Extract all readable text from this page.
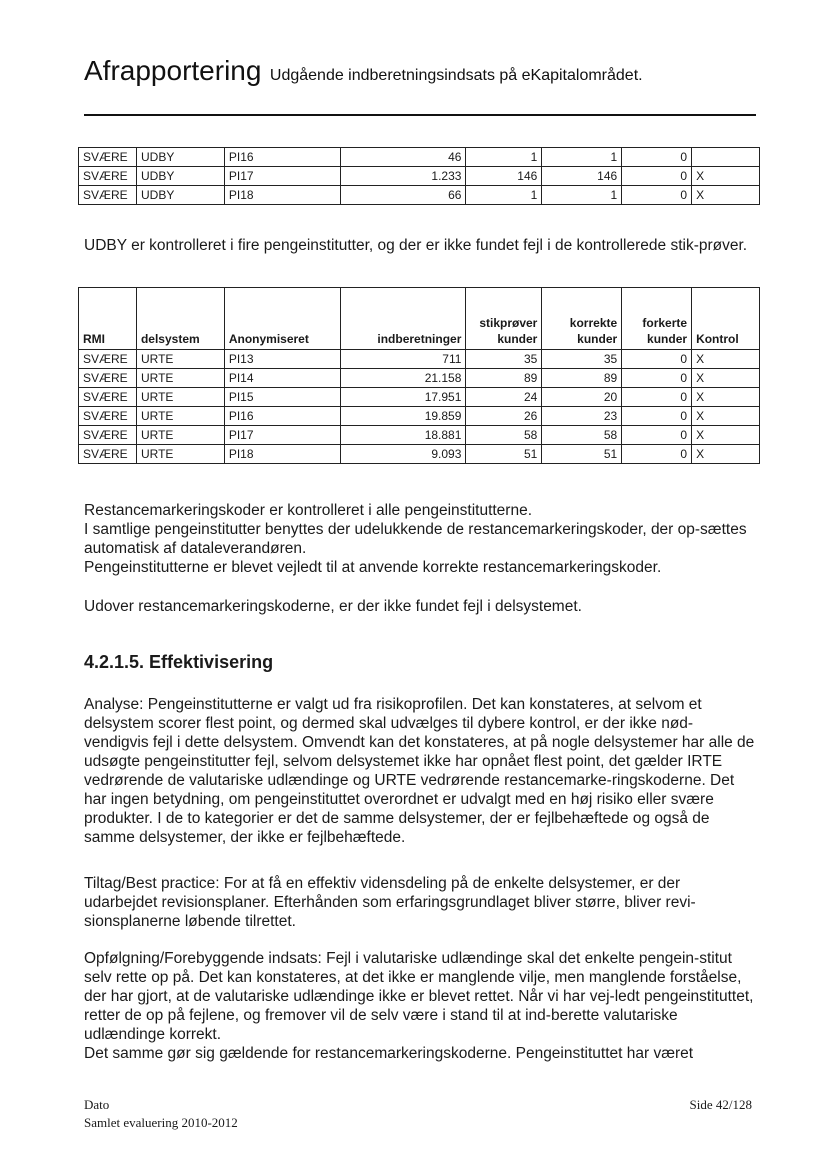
Afrapportering Udgående indberetningsindsats på eKapitalområdet.
SVÆRE	UDBY	PI16	46	1	1	0	
SVÆRE	UDBY	PI17	1.233	146	146	0	X
SVÆRE	UDBY	PI18	66	1	1	0	X

UDBY er kontrolleret i fire pengeinstitutter, og der er ikke fundet fejl i de kontrollerede stik-prøver.

RMI	delsystem	Anonymiseret	indberetninger	stikprøver kunder	korrekte kunder	forkerte kunder	Kontrol
SVÆRE	URTE	PI13	711	35	35	0	X
SVÆRE	URTE	PI14	21.158	89	89	0	X
SVÆRE	URTE	PI15	17.951	24	20	0	X
SVÆRE	URTE	PI16	19.859	26	23	0	X
SVÆRE	URTE	PI17	18.881	58	58	0	X
SVÆRE	URTE	PI18	9.093	51	51	0	X
Restancemarkeringskoder er kontrolleret i alle pengeinstitutterne.
I samtlige pengeinstitutter benyttes der udelukkende de restancemarkeringskoder, der op-sættes automatisk af dataleverandøren.
Pengeinstitutterne er blevet vejledt til at anvende korrekte restancemarkeringskoder.

Udover restancemarkeringskoderne, er der ikke fundet fejl i delsystemet.

4.2.1.5. Effektivisering

Analyse: Pengeinstitutterne er valgt ud fra risikoprofilen. Det kan konstateres, at selvom et delsystem scorer flest point, og dermed skal udvælges til dybere kontrol, er der ikke nød-vendigvis fejl i dette delsystem. Omvendt kan det konstateres, at på nogle delsystemer har alle de udsøgte pengeinstitutter fejl, selvom delsystemet ikke har opnået flest point, det gælder IRTE vedrørende de valutariske udlændinge og URTE vedrørende restancemarke-ringskoderne. Det har ingen betydning, om pengeinstituttet overordnet er udvalgt med en høj risiko eller svære produkter. I de to kategorier er det de samme delsystemer, der er fejlbehæftede og også de samme delsystemer, der ikke er fejlbehæftede.

Tiltag/Best practice: For at få en effektiv vidensdeling på de enkelte delsystemer, er der udarbejdet revisionsplaner. Efterhånden som erfaringsgrundlaget bliver større, bliver revi-sionsplanerne løbende tilrettet.

Opfølgning/Forebyggende indsats: Fejl i valutariske udlændinge skal det enkelte pengein-stitut selv rette op på. Det kan konstateres, at det ikke er manglende vilje, men manglende forståelse, der har gjort, at de valutariske udlændinge ikke er blevet rettet. Når vi har vej-ledt pengeinstituttet, retter de op på fejlene, og fremover vil de selv være i stand til at ind-berette valutariske udlændinge korrekt.

Det samme gør sig gældende for restancemarkeringskoderne. Pengeinstituttet har været

Dato
Samlet evaluering 2010-2012
Side 42/128
